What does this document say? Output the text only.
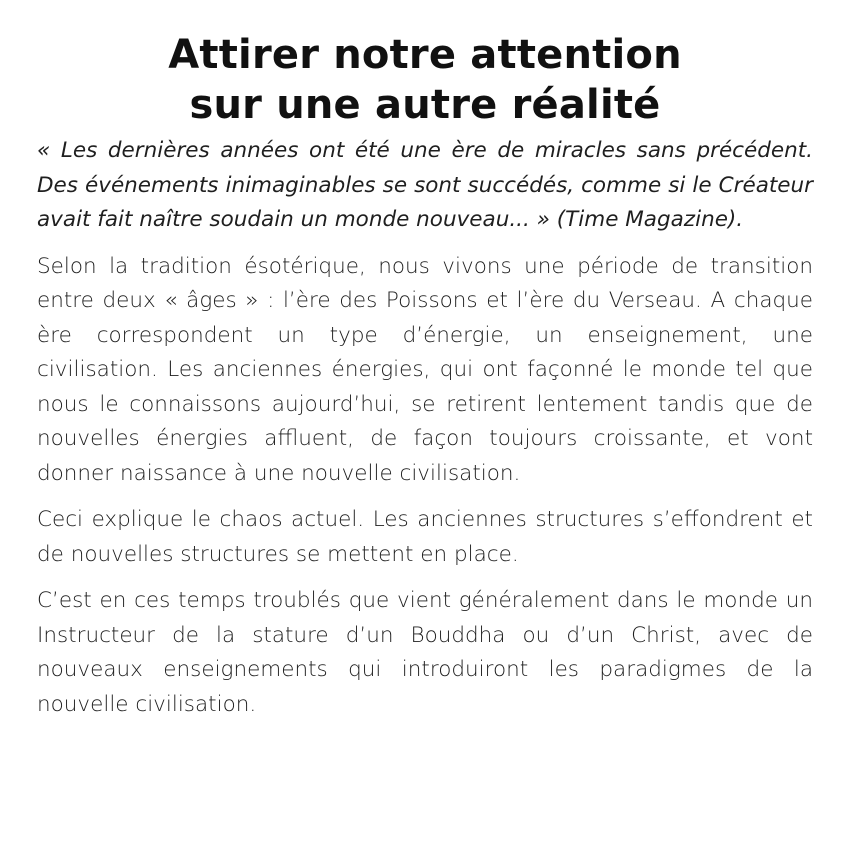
Attirer notre attention
sur une autre réalité

« Les dernières années ont été une ère de miracles sans précédent. Des événements inimaginables se sont succédés, comme si le Créateur avait fait naître soudain un monde nouveau... » (Time Magazine).

Selon la tradition ésotérique, nous vivons une période de transition entre deux « âges » : l’ère des Poissons et l’ère du Verseau. A chaque ère correspondent un type d’énergie, un enseignement, une civilisation. Les anciennes énergies, qui ont façonné le monde tel que nous le connaissons aujourd’hui, se retirent lentement tandis que de nouvelles énergies affluent, de façon toujours croissante, et vont donner naissance à une nouvelle civilisation.

Ceci explique le chaos actuel. Les anciennes structures s’effondrent et de nouvelles structures se mettent en place.

C’est en ces temps troublés que vient généralement dans le monde un Instructeur de la stature d’un Bouddha ou d’un Christ, avec de nouveaux enseignements qui introduiront les paradigmes de la nouvelle civilisation.
